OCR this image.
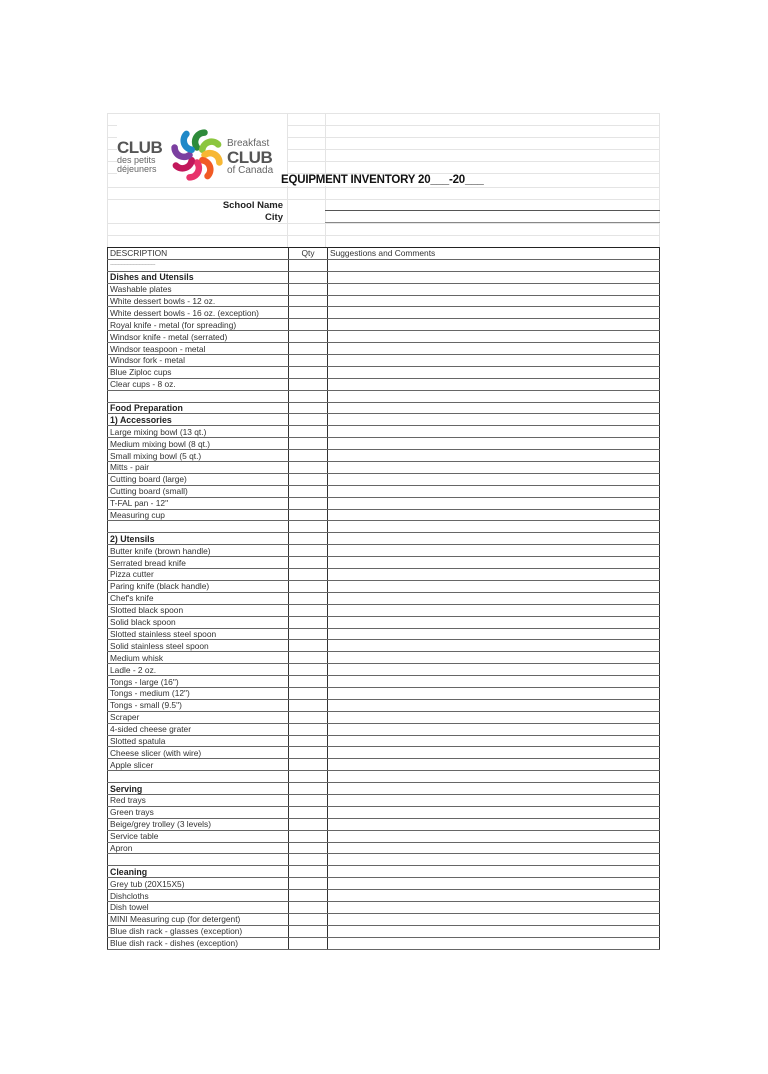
CLUB
des petits
déjeuners
Breakfast
CLUB
of Canada
EQUIPMENT INVENTORY 20___-20___
School Name
City
DESCRIPTION	Qty	Suggestions and Comments
------------------------------		
Dishes and Utensils		
Washable plates		
White dessert bowls - 12 oz.		
White dessert bowls - 16 oz. (exception)		
Royal knife - metal (for spreading)		
Windsor knife - metal (serrated)		
Windsor teaspoon - metal		
Windsor fork - metal		
Blue Ziploc cups		
Clear cups - 8 oz.		

Food Preparation		
1) Accessories		
Large mixing bowl (13 qt.)		
Medium mixing bowl (8 qt.)		
Small mixing bowl (5 qt.)		
Mitts - pair		
Cutting board (large)		
Cutting board (small)		
T-FAL pan - 12"		
Measuring cup		

2) Utensils		
Butter knife (brown handle)		
Serrated bread knife		
Pizza cutter		
Paring knife (black handle)		
Chef's knife		
Slotted black spoon		
Solid black spoon		
Slotted stainless steel spoon		
Solid stainless steel spoon		
Medium whisk		
Ladle - 2 oz.		
Tongs - large (16")		
Tongs - medium (12")		
Tongs - small (9.5")		
Scraper		
4-sided cheese grater		
Slotted spatula		
Cheese slicer (with wire)		
Apple slicer		

Serving		
Red trays		
Green trays		
Beige/grey trolley (3 levels)		
Service table		
Apron		

Cleaning		
Grey tub (20X15X5)		
Dishcloths		
Dish towel		
MINI Measuring cup (for detergent)		
Blue dish rack - glasses (exception)		
Blue dish rack - dishes (exception)		
